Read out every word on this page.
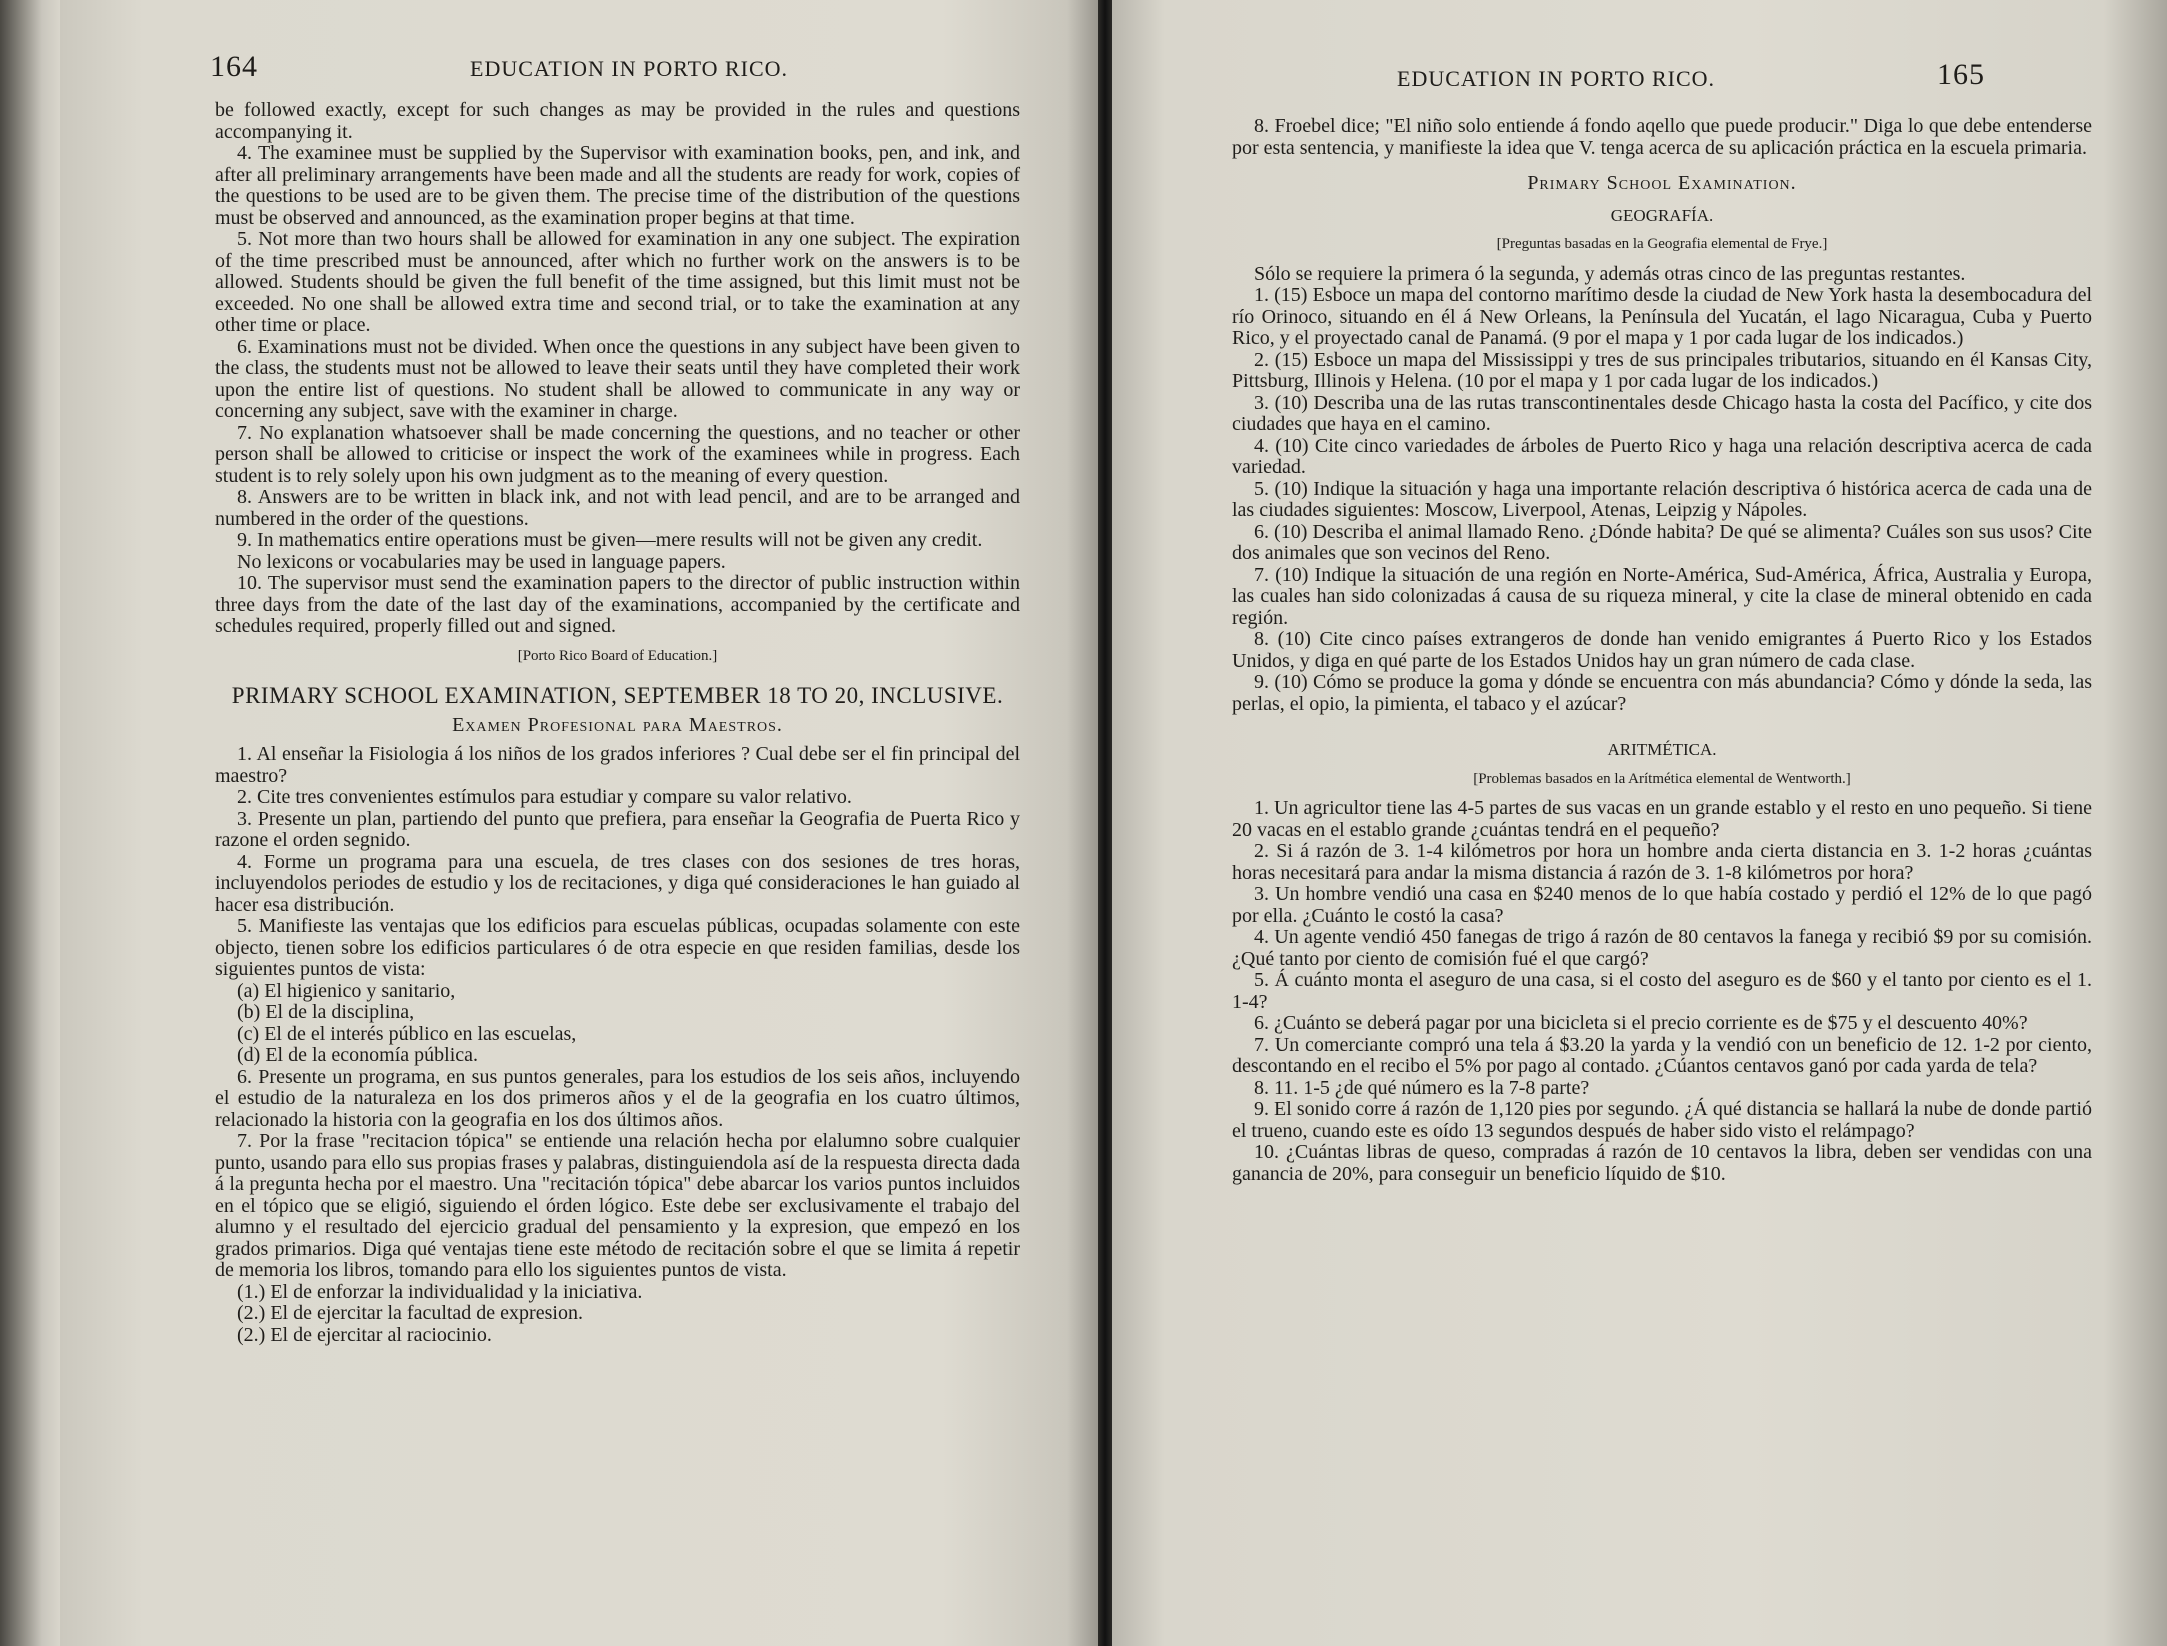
164	EDUCATION IN PORTO RICO.

be followed exactly, except for such changes as may be provided in the rules and questions accompanying it.

4. The examinee must be supplied by the Supervisor with examination books, pen, and ink, and after all preliminary arrangements have been made and all the students are ready for work, copies of the questions to be used are to be given them. The precise time of the distribution of the questions must be observed and announced, as the examination proper begins at that time.

5. Not more than two hours shall be allowed for examination in any one subject. The expiration of the time prescribed must be announced, after which no further work on the answers is to be allowed. Students should be given the full benefit of the time assigned, but this limit must not be exceeded. No one shall be allowed extra time and second trial, or to take the examination at any other time or place.

6. Examinations must not be divided. When once the questions in any subject have been given to the class, the students must not be allowed to leave their seats until they have completed their work upon the entire list of questions. No student shall be allowed to communicate in any way or concerning any subject, save with the examiner in charge.

7. No explanation whatsoever shall be made concerning the questions, and no teacher or other person shall be allowed to criticise or inspect the work of the examinees while in progress. Each student is to rely solely upon his own judgment as to the meaning of every question.

8. Answers are to be written in black ink, and not with lead pencil, and are to be arranged and numbered in the order of the questions.

9. In mathematics entire operations must be given—mere results will not be given any credit.

No lexicons or vocabularies may be used in language papers.

10. The supervisor must send the examination papers to the director of public instruction within three days from the date of the last day of the examinations, accompanied by the certificate and schedules required, properly filled out and signed.

[Porto Rico Board of Education.]

PRIMARY SCHOOL EXAMINATION, SEPTEMBER 18 TO 20, INCLUSIVE.

Examen Profesional para Maestros.

1. Al enseñar la Fisiologia á los niños de los grados inferiores ? Cual debe ser el fin principal del maestro?

2. Cite tres convenientes estímulos para estudiar y compare su valor relativo.

3. Presente un plan, partiendo del punto que prefiera, para enseñar la Geografia de Puerta Rico y razone el orden segnido.

4. Forme un programa para una escuela, de tres clases con dos sesiones de tres horas, incluyendolos periodes de estudio y los de recitaciones, y diga qué consideraciones le han guiado al hacer esa distribución.

5. Manifieste las ventajas que los edificios para escuelas públicas, ocupadas solamente con este objecto, tienen sobre los edificios particulares ó de otra especie en que residen familias, desde los siguientes puntos de vista:

(a) El higienico y sanitario,

(b) El de la disciplina,

(c) El de el interés público en las escuelas,

(d) El de la economía pública.

6. Presente un programa, en sus puntos generales, para los estudios de los seis años, incluyendo el estudio de la naturaleza en los dos primeros años y el de la geografia en los cuatro últimos, relacionado la historia con la geografia en los dos últimos años.

7. Por la frase "recitacion tópica" se entiende una relación hecha por elalumno sobre cualquier punto, usando para ello sus propias frases y palabras, distinguiendola así de la respuesta directa dada á la pregunta hecha por el maestro. Una "recitación tópica" debe abarcar los varios puntos incluidos en el tópico que se eligió, siguiendo el órden lógico. Este debe ser exclusivamente el trabajo del alumno y el resultado del ejercicio gradual del pensamiento y la expresion, que empezó en los grados primarios. Diga qué ventajas tiene este método de recitación sobre el que se limita á repetir de memoria los libros, tomando para ello los siguientes puntos de vista.

(1.) El de enforzar la individualidad y la iniciativa.

(2.) El de ejercitar la facultad de expresion.

(2.) El de ejercitar al raciocinio.

EDUCATION IN PORTO RICO.	165

8. Froebel dice; "El niño solo entiende á fondo aqello que puede producir." Diga lo que debe entenderse por esta sentencia, y manifieste la idea que V. tenga acerca de su aplicación práctica en la escuela primaria.

Primary School Examination.

GEOGRAFÍA.

[Preguntas basadas en la Geografia elemental de Frye.]

Sólo se requiere la primera ó la segunda, y además otras cinco de las preguntas restantes.

1. (15) Esboce un mapa del contorno marítimo desde la ciudad de New York hasta la desembocadura del río Orinoco, situando en él á New Orleans, la Península del Yucatán, el lago Nicaragua, Cuba y Puerto Rico, y el proyectado canal de Panamá. (9 por el mapa y 1 por cada lugar de los indicados.)

2. (15) Esboce un mapa del Mississippi y tres de sus principales tributarios, situando en él Kansas City, Pittsburg, Illinois y Helena. (10 por el mapa y 1 por cada lugar de los indicados.)

3. (10) Describa una de las rutas transcontinentales desde Chicago hasta la costa del Pacífico, y cite dos ciudades que haya en el camino.

4. (10) Cite cinco variedades de árboles de Puerto Rico y haga una relación descriptiva acerca de cada variedad.

5. (10) Indique la situación y haga una importante relación descriptiva ó histórica acerca de cada una de las ciudades siguientes: Moscow, Liverpool, Atenas, Leipzig y Nápoles.

6. (10) Describa el animal llamado Reno. ¿Dónde habita? De qué se alimenta? Cuáles son sus usos? Cite dos animales que son vecinos del Reno.

7. (10) Indique la situación de una región en Norte-América, Sud-América, África, Australia y Europa, las cuales han sido colonizadas á causa de su riqueza mineral, y cite la clase de mineral obtenido en cada región.

8. (10) Cite cinco países extrangeros de donde han venido emigrantes á Puerto Rico y los Estados Unidos, y diga en qué parte de los Estados Unidos hay un gran número de cada clase.

9. (10) Cómo se produce la goma y dónde se encuentra con más abundancia? Cómo y dónde la seda, las perlas, el opio, la pimienta, el tabaco y el azúcar?

ARITMÉTICA.

[Problemas basados en la Arítmética elemental de Wentworth.]

1. Un agricultor tiene las 4-5 partes de sus vacas en un grande establo y el resto en uno pequeño. Si tiene 20 vacas en el establo grande ¿cuántas tendrá en el pequeño?

2. Si á razón de 3. 1-4 kilómetros por hora un hombre anda cierta distancia en 3. 1-2 horas ¿cuántas horas necesitará para andar la misma distancia á razón de 3. 1-8 kilómetros por hora?

3. Un hombre vendió una casa en $240 menos de lo que había costado y perdió el 12% de lo que pagó por ella. ¿Cuánto le costó la casa?

4. Un agente vendió 450 fanegas de trigo á razón de 80 centavos la fanega y recibió $9 por su comisión. ¿Qué tanto por ciento de comisión fué el que cargó?

5. Á cuánto monta el aseguro de una casa, si el costo del aseguro es de $60 y el tanto por ciento es el 1. 1-4?

6. ¿Cuánto se deberá pagar por una bicicleta si el precio corriente es de $75 y el descuento 40%?

7. Un comerciante compró una tela á $3.20 la yarda y la vendió con un beneficio de 12. 1-2 por ciento, descontando en el recibo el 5% por pago al contado. ¿Cúantos centavos ganó por cada yarda de tela?

8. 11. 1-5 ¿de qué número es la 7-8 parte?

9. El sonido corre á razón de 1,120 pies por segundo. ¿Á qué distancia se hallará la nube de donde partió el trueno, cuando este es oído 13 segundos después de haber sido visto el relámpago?

10. ¿Cuántas libras de queso, compradas á razón de 10 centavos la libra, deben ser vendidas con una ganancia de 20%, para conseguir un beneficio líquido de $10.
